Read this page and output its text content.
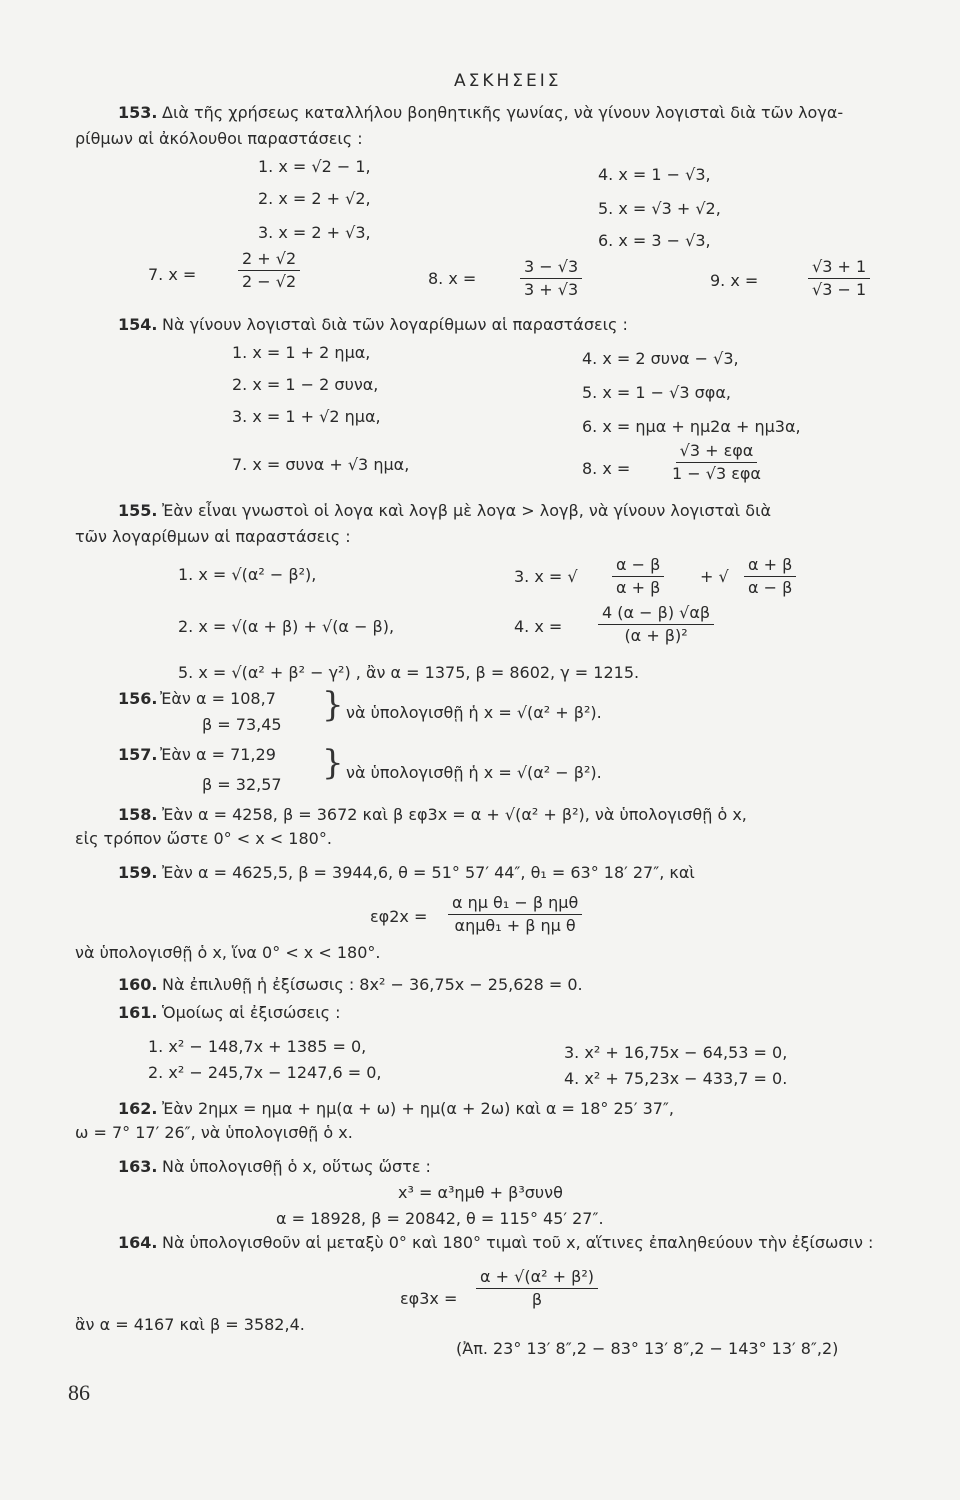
ΑΣΚΗΣΕΙΣ
153. Διὰ τῆς χρήσεως καταλλήλου βοηθητικῆς γωνίας, νὰ γίνουν λογισταὶ διὰ τῶν λογα-
ρίθμων αἱ ἀκόλουθοι παραστάσεις :
1. x = √2 − 1,
2. x = 2 + √2,
3. x = 2 + √3,
4. x = 1 − √3,
5. x = √3 + √2,
6. x = 3 − √3,
7. x =	$\frac{2 + √2}{2 - √2}$	8. x =	$\frac{3 - √3}{3 + √3}$	9. x =	$\frac{√3 + 1}{√3 - 1}$
154. Νὰ γίνουν λογισταὶ διὰ τῶν λογαρίθμων αἱ παραστάσεις :
1. x = 1 + 2 ημα,
2. x = 1 − 2 συνα,
3. x = 1 + √2 ημα,
4. x = 2 συνα − √3,
5. x = 1 − √3 σφα,
6. x = ημα + ημ2α + ημ3α,
7. x = συνα + √3 ημα,	8. x =
√3 + εφα
1 − √3 εφα
155. Ἐὰν εἶναι γνωστοὶ οἱ λογα καὶ λογβ μὲ λογα > λογβ, νὰ γίνουν λογισταὶ διὰ
τῶν λογαρίθμων αἱ παραστάσεις :
1. x = √(α² − β²),	3. x = √ $\frac{\alpha - \beta}{\alpha + \beta}$ + √ $\frac{\alpha + \beta}{\alpha - \beta}$
2. x = √(α + β) + √(α − β),	4. $x = \frac{4 (\alpha - \beta) √\alpha\beta}{\text{(α + β)²}}$
5. x = √(α² + β² − γ²) , ἂν α = 1375, β = 8602, γ = 1215.
156. Ἐὰν α = 108,7
β = 73,45 } νὰ ὑπολογισθῇ ἡ x = √(α² + β²).
157. Ἐὰν α = 71,29
β = 32,57
} νὰ ὑπολογισθῇ ἡ x = √(α² − β²).
158. Ἐὰν α = 4258, β = 3672 καὶ β εφ3x = α + √(α² + β²), νὰ ὑπολογισθῇ ὁ x,
εἰς τρόπον ὥστε 0° < x < 180°.
159. Ἐὰν α = 4625,5, β = 3944,6, θ = 51° 57′ 44″, θ₁ = 63° 18′ 27″, καὶ
εφ2x =
α ημ θ₁ − β ημθ
αημθ₁ + β ημ θ
νὰ ὑπολογισθῇ ὁ x, ἵνα 0° < x < 180°.
160. Νὰ ἐπιλυθῇ ἡ ἐξίσωσις : 8x² − 36,75x − 25,628 = 0.
161. Ὁμοίως αἱ ἐξισώσεις :
1. x² − 148,7x + 1385 = 0,
2. x² − 245,7x − 1247,6 = 0,
3. x² + 16,75x − 64,53 = 0,
4. x² + 75,23x − 433,7 = 0.
162. Ἐὰν 2ημx = ημα + ημ(α + ω) + ημ(α + 2ω) καὶ α = 18° 25′ 37″,
ω = 7° 17′ 26″, νὰ ὑπολογισθῇ ὁ x.
163. Νὰ ὑπολογισθῇ ὁ x, οὕτως ὥστε :
x³ = α³ημθ + β³συνθ
α = 18928, β = 20842, θ = 115° 45′ 27″.
164. Νὰ ὑπολογισθοῦν αἱ μεταξὺ 0° καὶ 180° τιμαὶ τοῦ x, αἵτινες ἐπαληθεύουν τὴν ἐξίσωσιν :
$\varepsilon\varphi 3x = \frac{\text{α + √(α² + β²)}}{\beta}$
ἂν α = 4167 καὶ β = 3582,4.
(Ἀπ. 23° 13′ 8″,2 − 83° 13′ 8″,2 − 143° 13′ 8″,2)
86
